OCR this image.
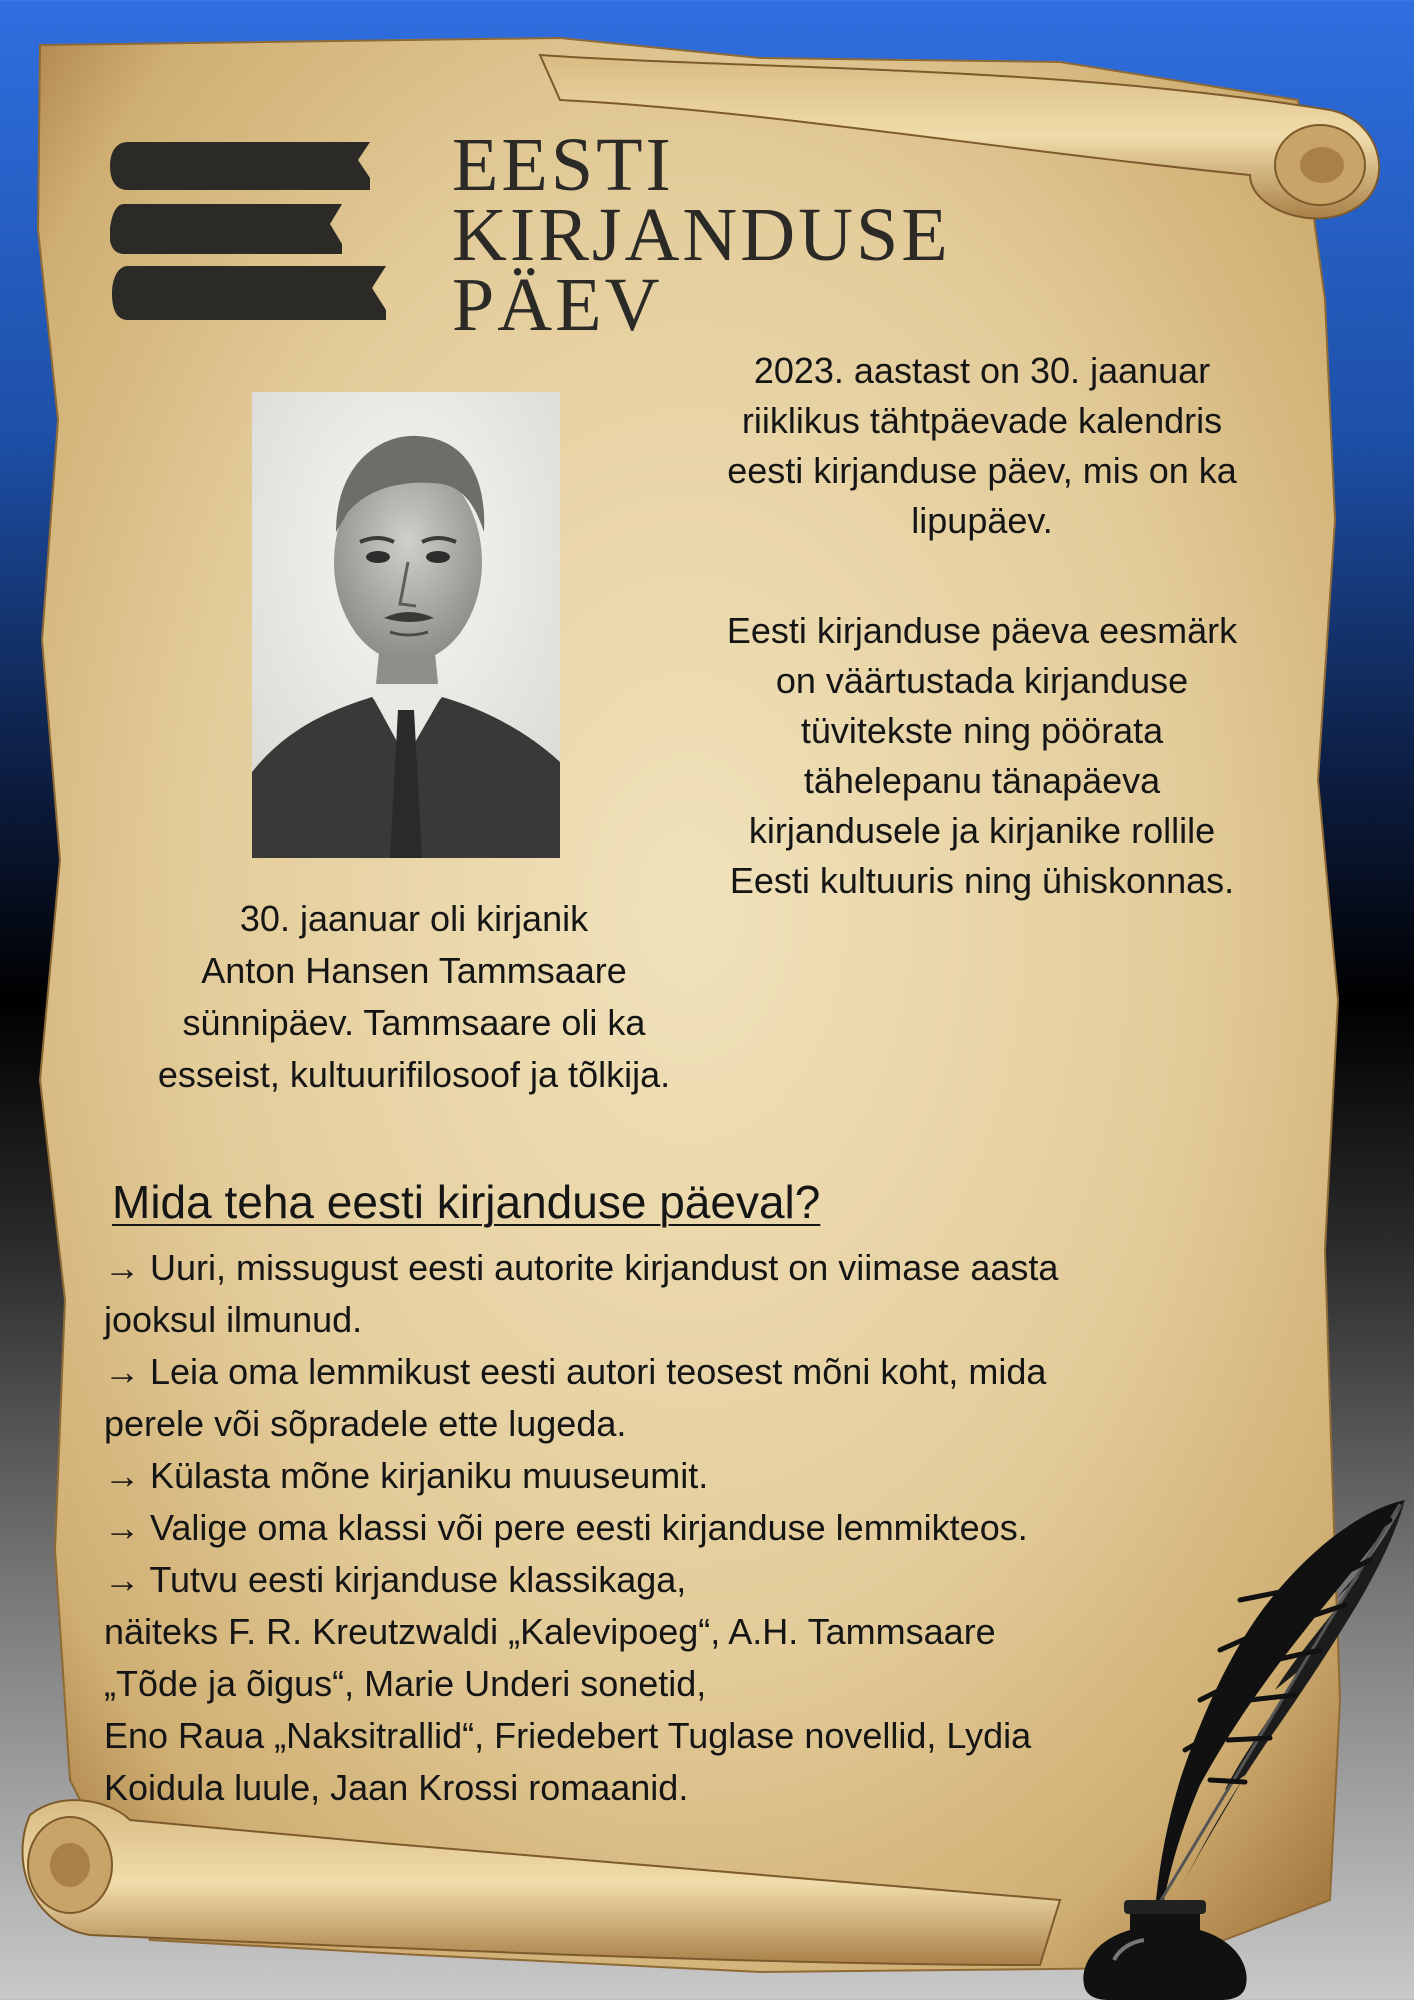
EESTI
KIRJANDUSE
PÄEV
2023. aastast on 30. jaanuar
riiklikus tähtpäevade kalendris
eesti kirjanduse päev, mis on ka
lipupäev.
Eesti kirjanduse päeva eesmärk
on väärtustada kirjanduse
tüvitekste ning pöörata
tähelepanu tänapäeva
kirjandusele ja kirjanike rollile
Eesti kultuuris ning ühiskonnas.
30. jaanuar oli kirjanik
Anton Hansen Tammsaare
sünnipäev. Tammsaare oli ka
esseist, kultuurifilosoof ja tõlkija.
Mida teha eesti kirjanduse päeval?
→ Uuri, missugust eesti autorite kirjandust on viimase aasta
jooksul ilmunud.
→ Leia oma lemmikust eesti autori teosest mõni koht, mida
perele või sõpradele ette lugeda.
→ Külasta mõne kirjaniku muuseumit.
→ Valige oma klassi või pere eesti kirjanduse lemmikteos.
→ Tutvu eesti kirjanduse klassikaga,
näiteks F. R. Kreutzwaldi „Kalevipoeg“, A.H. Tammsaare
„Tõde ja õigus“, Marie Underi sonetid,
Eno Raua „Naksitrallid“, Friedebert Tuglase novellid, Lydia
Koidula luule, Jaan Krossi romaanid.
